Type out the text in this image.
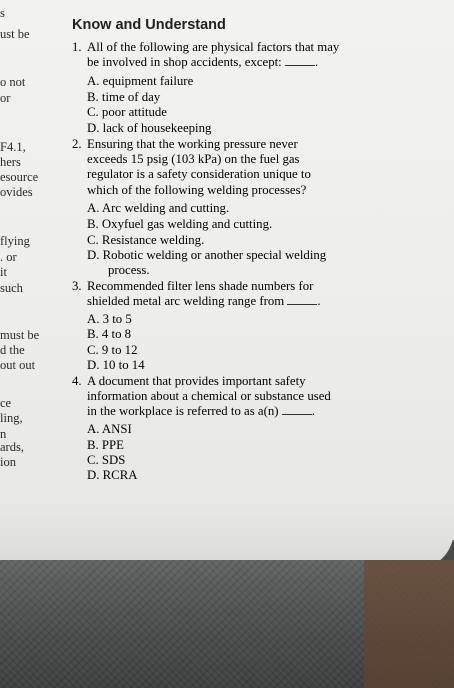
s
ust be
o not
or
F4.1,
hers
esource
ovides
flying
. or
it
such
must be
d the
out out
ce
ling,
n
ards,
ion
Know and Understand
1. All of the following are physical factors that may
be involved in shop accidents, except:	.
A. equipment failure
B. time of day
C. poor attitude
D. lack of housekeeping
2. Ensuring that the working pressure never
exceeds 15 psig (103 kPa) on the fuel gas
regulator is a safety consideration unique to
which of the following welding processes?
A. Arc welding and cutting.
B. Oxyfuel gas welding and cutting.
C. Resistance welding.
D. Robotic welding or another special welding
process.
3. Recommended filter lens shade numbers for
shielded metal arc welding range from	.
A. 3 to 5
B. 4 to 8
C. 9 to 12
D. 10 to 14
4. A document that provides important safety
information about a chemical or substance used
in the workplace is referred to as a(n)	.
A. ANSI
B. PPE
C. SDS
D. RCRA
